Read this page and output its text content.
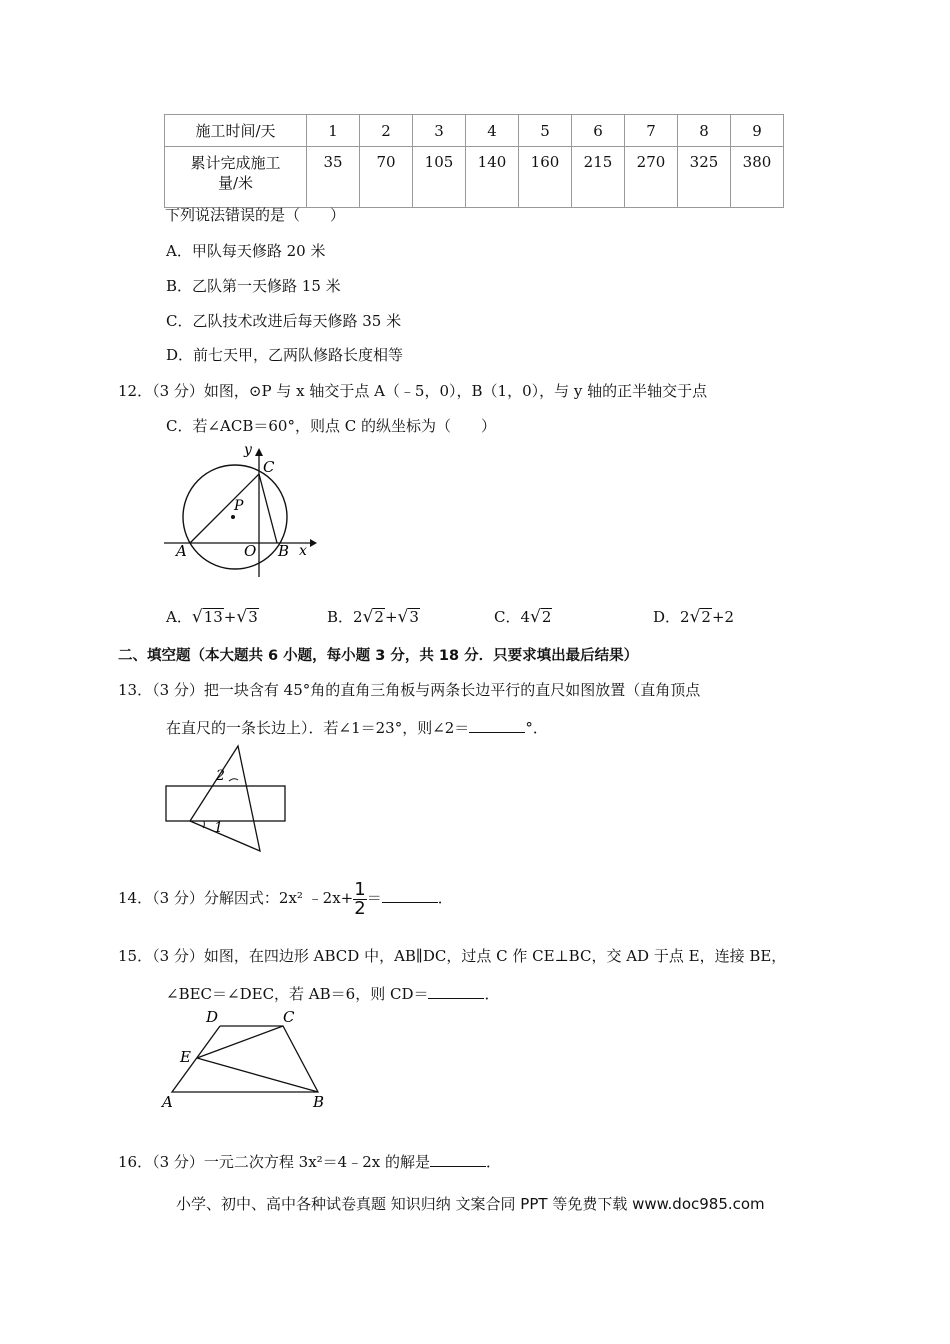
施工时间/天	1	2	3	4	5	6	7	8	9

累计完成施工
量/米	35	70	105	140	160	215	270	325	380
下列说法错误的是（　　）
A．甲队每天修路 20 米
B．乙队第一天修路 15 米
C．乙队技术改进后每天修路 35 米
D．前七天甲，乙两队修路长度相等
12．（3 分）如图，⊙P 与 x 轴交于点 A（﹣5，0），B（1，0），与 y 轴的正半轴交于点
C．若∠ACB＝60°，则点 C 的纵坐标为（　　）
y
C
P
A	O B x
A．√13+√3	B．2√2+√3	C．4√2	D．2√2+2
二、填空题（本大题共 6 小题，每小题 3 分，共 18 分．只要求填出最后结果）
13．（3 分）把一块含有 45°角的直角三角板与两条长边平行的直尺如图放置（直角顶点
在直尺的一条长边上）．若∠1＝23°，则∠2＝	°．
2
1
14．（3 分）分解因式：2x² ﹣2x+ $\frac{1}{2}$ ＝	．
15．（3 分）如图，在四边形 ABCD 中，AB∥DC，过点 C 作 CE⊥BC，交 AD 于点 E，连接 BE，
∠BEC＝∠DEC，若 AB＝6，则 CD＝	．
D	C
E
A	B
16．（3 分）一元二次方程 3x²＝4﹣2x 的解是	．
小学、初中、高中各种试卷真题 知识归纳 文案合同 PPT 等免费下载 www.doc985.com
